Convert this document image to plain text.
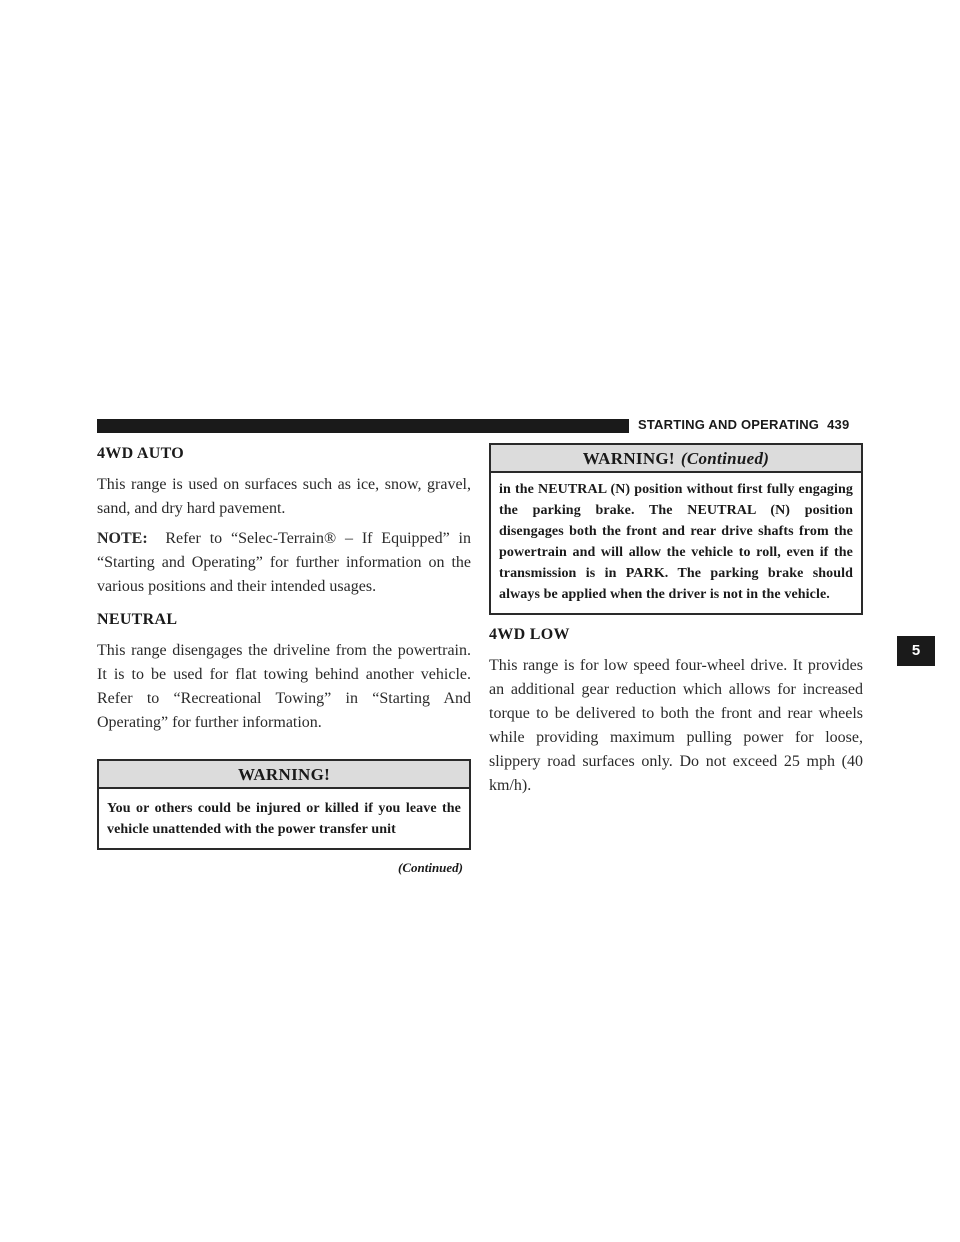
STARTING AND OPERATING 439
5
4WD AUTO

This range is used on surfaces such as ice, snow, gravel, sand, and dry hard pavement.

NOTE: Refer to “Selec-Terrain® – If Equipped” in “Starting and Operating” for further information on the various positions and their intended usages.

NEUTRAL

This range disengages the driveline from the powertrain. It is to be used for flat towing behind another vehicle. Refer to “Recreational Towing” in “Starting And Operating” for further information.

WARNING!
You or others could be injured or killed if you leave the vehicle unattended with the power transfer unit
(Continued)
WARNING! (Continued)
in the NEUTRAL (N) position without first fully engaging the parking brake. The NEUTRAL (N) position disengages both the front and rear drive shafts from the powertrain and will allow the vehicle to roll, even if the transmission is in PARK. The parking brake should always be applied when the driver is not in the vehicle.
4WD LOW

This range is for low speed four-wheel drive. It provides an additional gear reduction which allows for increased torque to be delivered to both the front and rear wheels while providing maximum pulling power for loose, slippery road surfaces only. Do not exceed 25 mph (40 km/h).
